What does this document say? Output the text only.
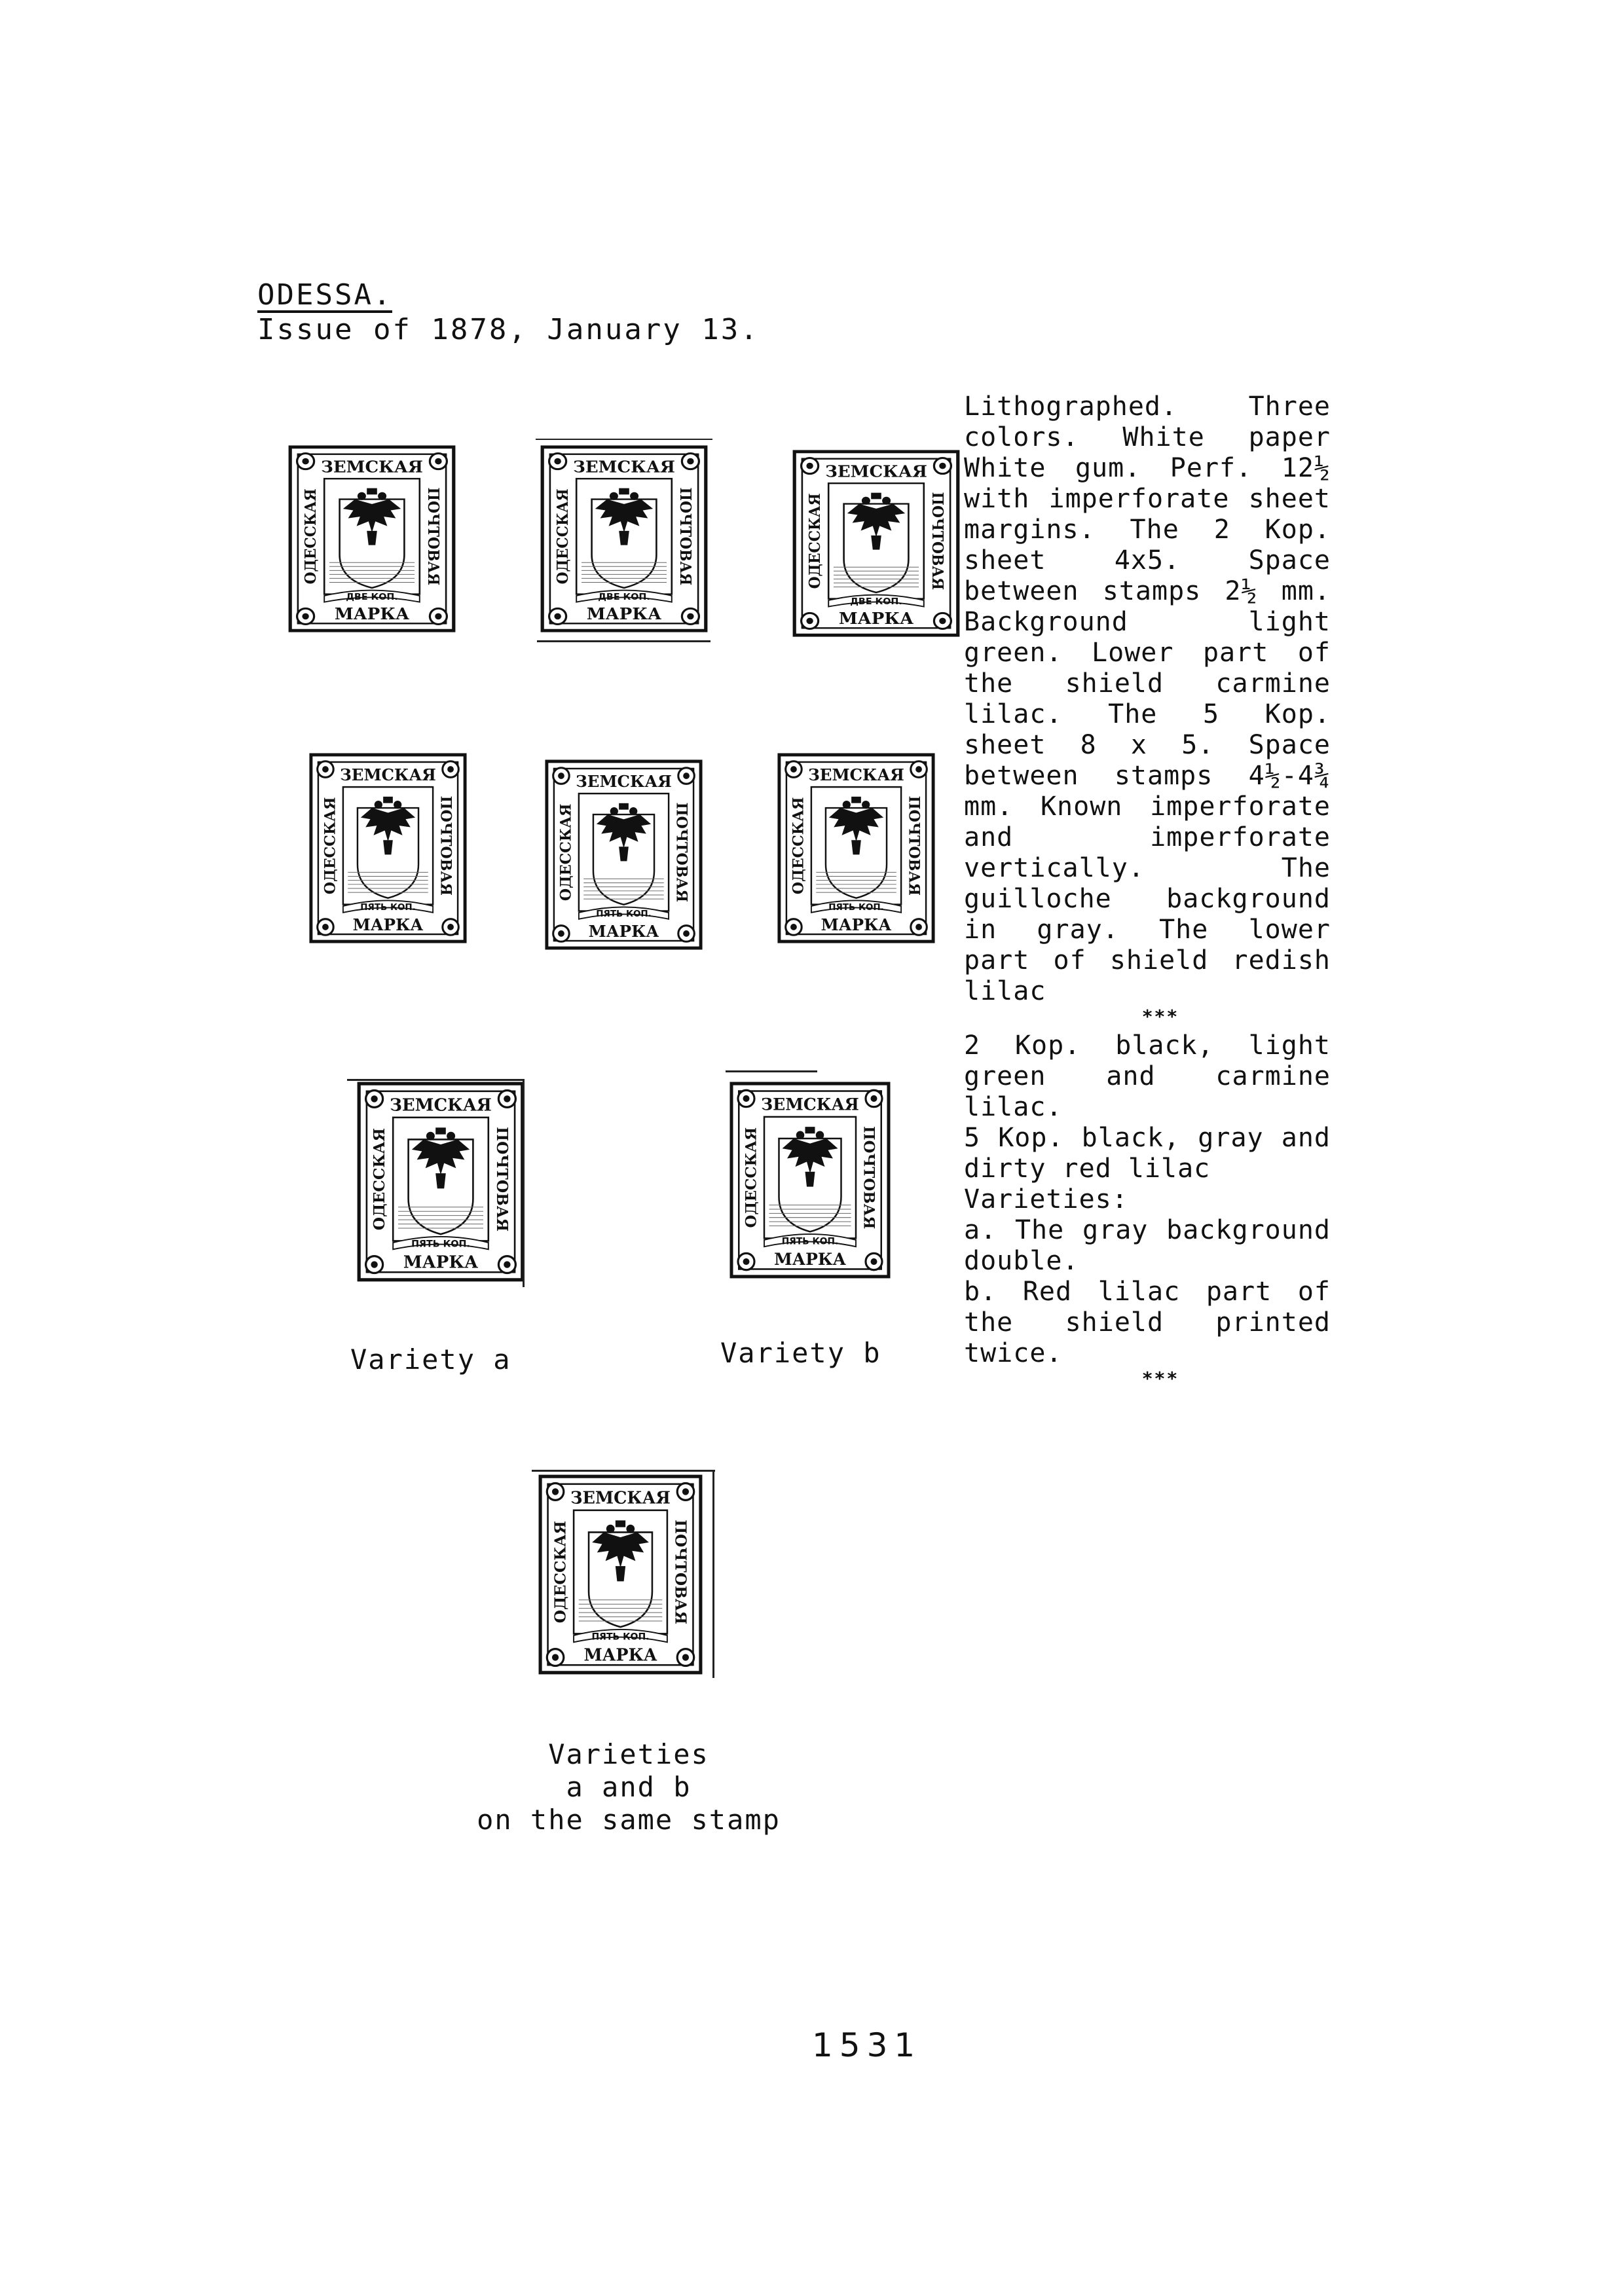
ODESSA.
Issue of 1878, January 13.

Lithographed. Three colors. White paper White gum. Perf. 12½ with imperforate sheet margins. The 2 Kop. sheet 4x5. Space between stamps 2½ mm. Background light green. Lower part of the shield carmine lilac. The 5 Kop. sheet 8 x 5. Space between stamps 4½-4¾ mm. Known imperforate and imperforate vertically. The guilloche background in gray. The lower part of shield redish lilac

***

2 Kop. black, light green and carmine lilac.

5 Kop. black, gray and dirty red lilac

Varieties:

a. The gray background double.

b. Red lilac part of the shield printed twice.

***

ЗЕМСКАЯ
МАРКА
ОДЕССКАЯ	ПОЧТОВАЯ
ДВЕ КОП.
ЗЕМСКАЯ
МАРКА
ОДЕССКАЯ	ПОЧТОВАЯ
ДВЕ КОП.
ЗЕМСКАЯ
МАРКА
ОДЕССКАЯ	ПОЧТОВАЯ
ДВЕ КОП.
ЗЕМСКАЯ
МАРКА
ОДЕССКАЯ	ПОЧТОВАЯ
ПЯТЬ КОП.
ЗЕМСКАЯ
МАРКА
ОДЕССКАЯ	ПОЧТОВАЯ
ПЯТЬ КОП.
ЗЕМСКАЯ
МАРКА
ОДЕССКАЯ	ПОЧТОВАЯ
ПЯТЬ КОП.
ЗЕМСКАЯ
МАРКА
ОДЕССКАЯ	ПОЧТОВАЯ
ПЯТЬ КОП.
ЗЕМСКАЯ
МАРКА
ОДЕССКАЯ	ПОЧТОВАЯ
ПЯТЬ КОП.
ЗЕМСКАЯ
МАРКА
ОДЕССКАЯ	ПОЧТОВАЯ
ПЯТЬ КОП.
Variety a	Variety b
Varieties
a and b
on the same stamp
1531
